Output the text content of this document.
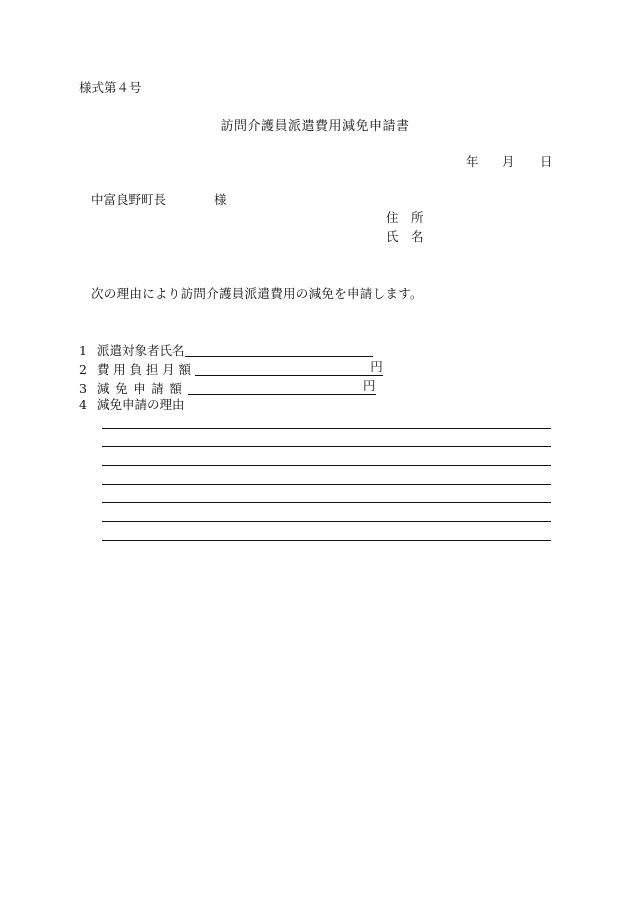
様式第４号
訪問介護員派遣費用減免申請書
年 月 日
中富良野町長	様
住　所
氏　名
次の理由により訪問介護員派遣費用の減免を申請します。
1 派遣対象者氏名
2 費用負担月額	円
3 減免申請額	円
4 減免申請の理由
